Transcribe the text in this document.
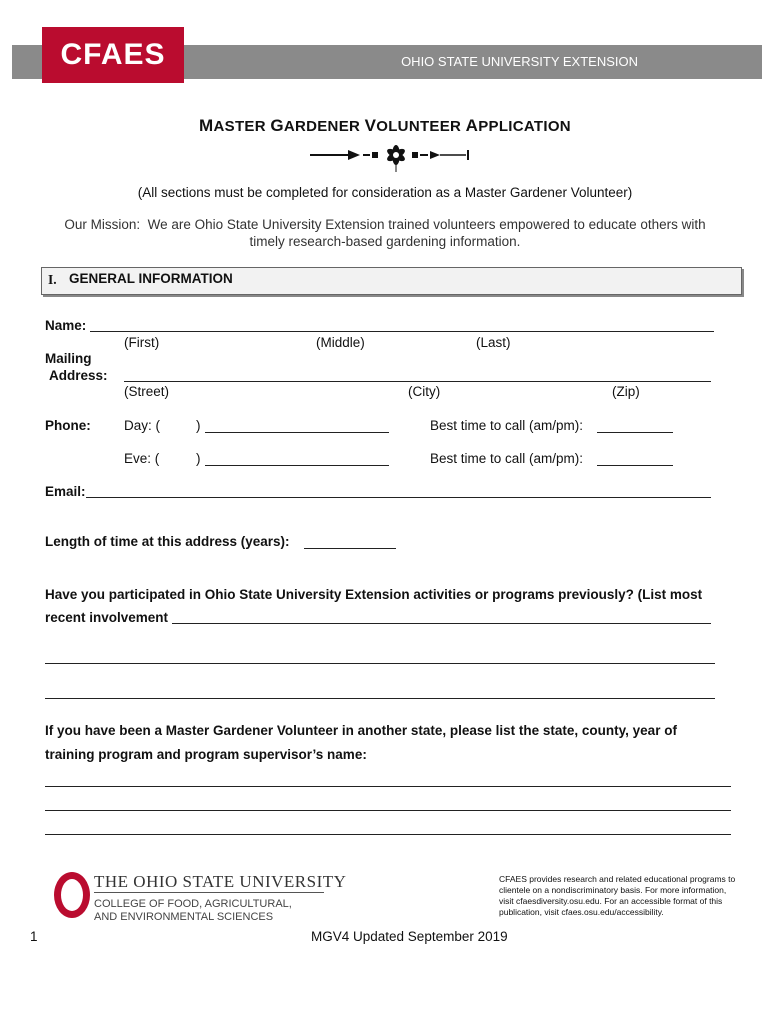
CFAES	OHIO STATE UNIVERSITY EXTENSION
MASTER GARDENER VOLUNTEER APPLICATION
(All sections must be completed for consideration as a Master Gardener Volunteer)
Our Mission: We are Ohio State University Extension trained volunteers empowered to educate others with
timely research-based gardening information.
I. GENERAL INFORMATION
Name:
(First)	(Middle)	(Last)
Mailing
Address:
(Street)	(City)	(Zip)
Phone: Day: (	)	Best time to call (am/pm):
Eve: (	)	Best time to call (am/pm):
Email:
Length of time at this address (years):
Have you participated in Ohio State University Extension activities or programs previously? (List most
recent involvement
If you have been a Master Gardener Volunteer in another state, please list the state, county, year of
training program and program supervisor’s name:
THE OHIO STATE UNIVERSITY
COLLEGE OF FOOD, AGRICULTURAL,
AND ENVIRONMENTAL SCIENCES
CFAES provides research and related educational programs to clientele on a nondiscriminatory basis. For more information, visit cfaesdiversity.osu.edu. For an accessible format of this publication, visit cfaes.osu.edu/accessibility.
1	MGV4 Updated September 2019
